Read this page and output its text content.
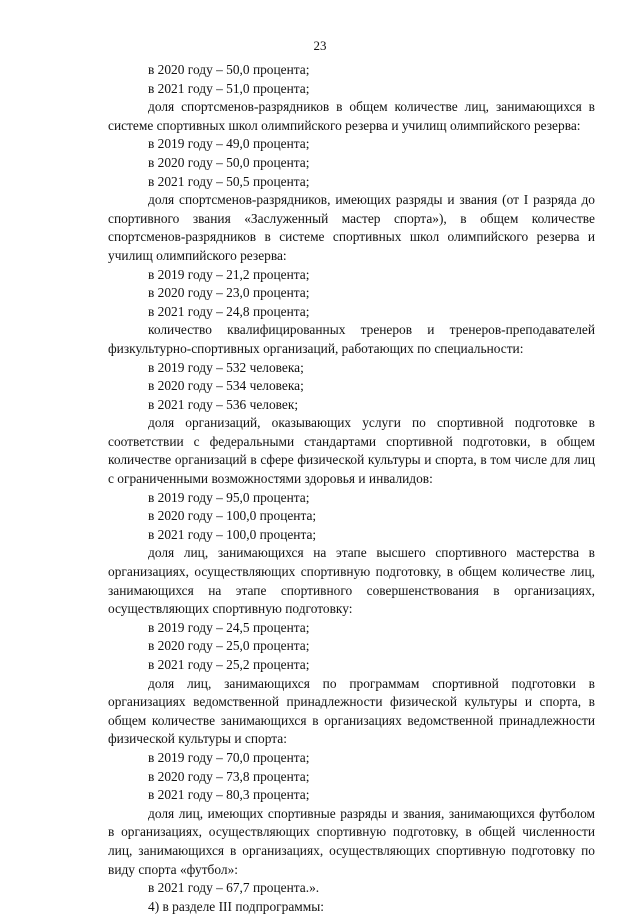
23

в 2020 году – 50,0 процента;

в 2021 году – 51,0 процента;

доля спортсменов-разрядников в общем количестве лиц, занимающихся в системе спортивных школ олимпийского резерва и училищ олимпийского резерва:

в 2019 году – 49,0 процента;

в 2020 году – 50,0 процента;

в 2021 году – 50,5 процента;

доля спортсменов-разрядников, имеющих разряды и звания (от I разряда до спортивного звания «Заслуженный мастер спорта»), в общем количестве спортсменов-разрядников в системе спортивных школ олимпийского резерва и училищ олимпийского резерва:

в 2019 году – 21,2 процента;

в 2020 году – 23,0 процента;

в 2021 году – 24,8 процента;

количество квалифицированных тренеров и тренеров-преподавателей физкультурно-спортивных организаций, работающих по специальности:

в 2019 году – 532 человека;

в 2020 году – 534 человека;

в 2021 году – 536 человек;

доля организаций, оказывающих услуги по спортивной подготовке в соответствии с федеральными стандартами спортивной подготовки, в общем количестве организаций в сфере физической культуры и спорта, в том числе для лиц с ограниченными возможностями здоровья и инвалидов:

в 2019 году – 95,0 процента;

в 2020 году – 100,0 процента;

в 2021 году – 100,0 процента;

доля лиц, занимающихся на этапе высшего спортивного мастерства в организациях, осуществляющих спортивную подготовку, в общем количестве лиц, занимающихся на этапе спортивного совершенствования в организациях, осуществляющих спортивную подготовку:

в 2019 году – 24,5 процента;

в 2020 году – 25,0 процента;

в 2021 году – 25,2 процента;

доля лиц, занимающихся по программам спортивной подготовки в организациях ведомственной принадлежности физической культуры и спорта, в общем количестве занимающихся в организациях ведомственной принадлежности физической культуры и спорта:

в 2019 году – 70,0 процента;

в 2020 году – 73,8 процента;

в 2021 году – 80,3 процента;

доля лиц, имеющих спортивные разряды и звания, занимающихся футболом в организациях, осуществляющих спортивную подготовку, в общей численности лиц, занимающихся в организациях, осуществляющих спортивную подготовку по виду спорта «футбол»:

в 2021 году – 67,7 процента.».

4) в разделе III подпрограммы:
